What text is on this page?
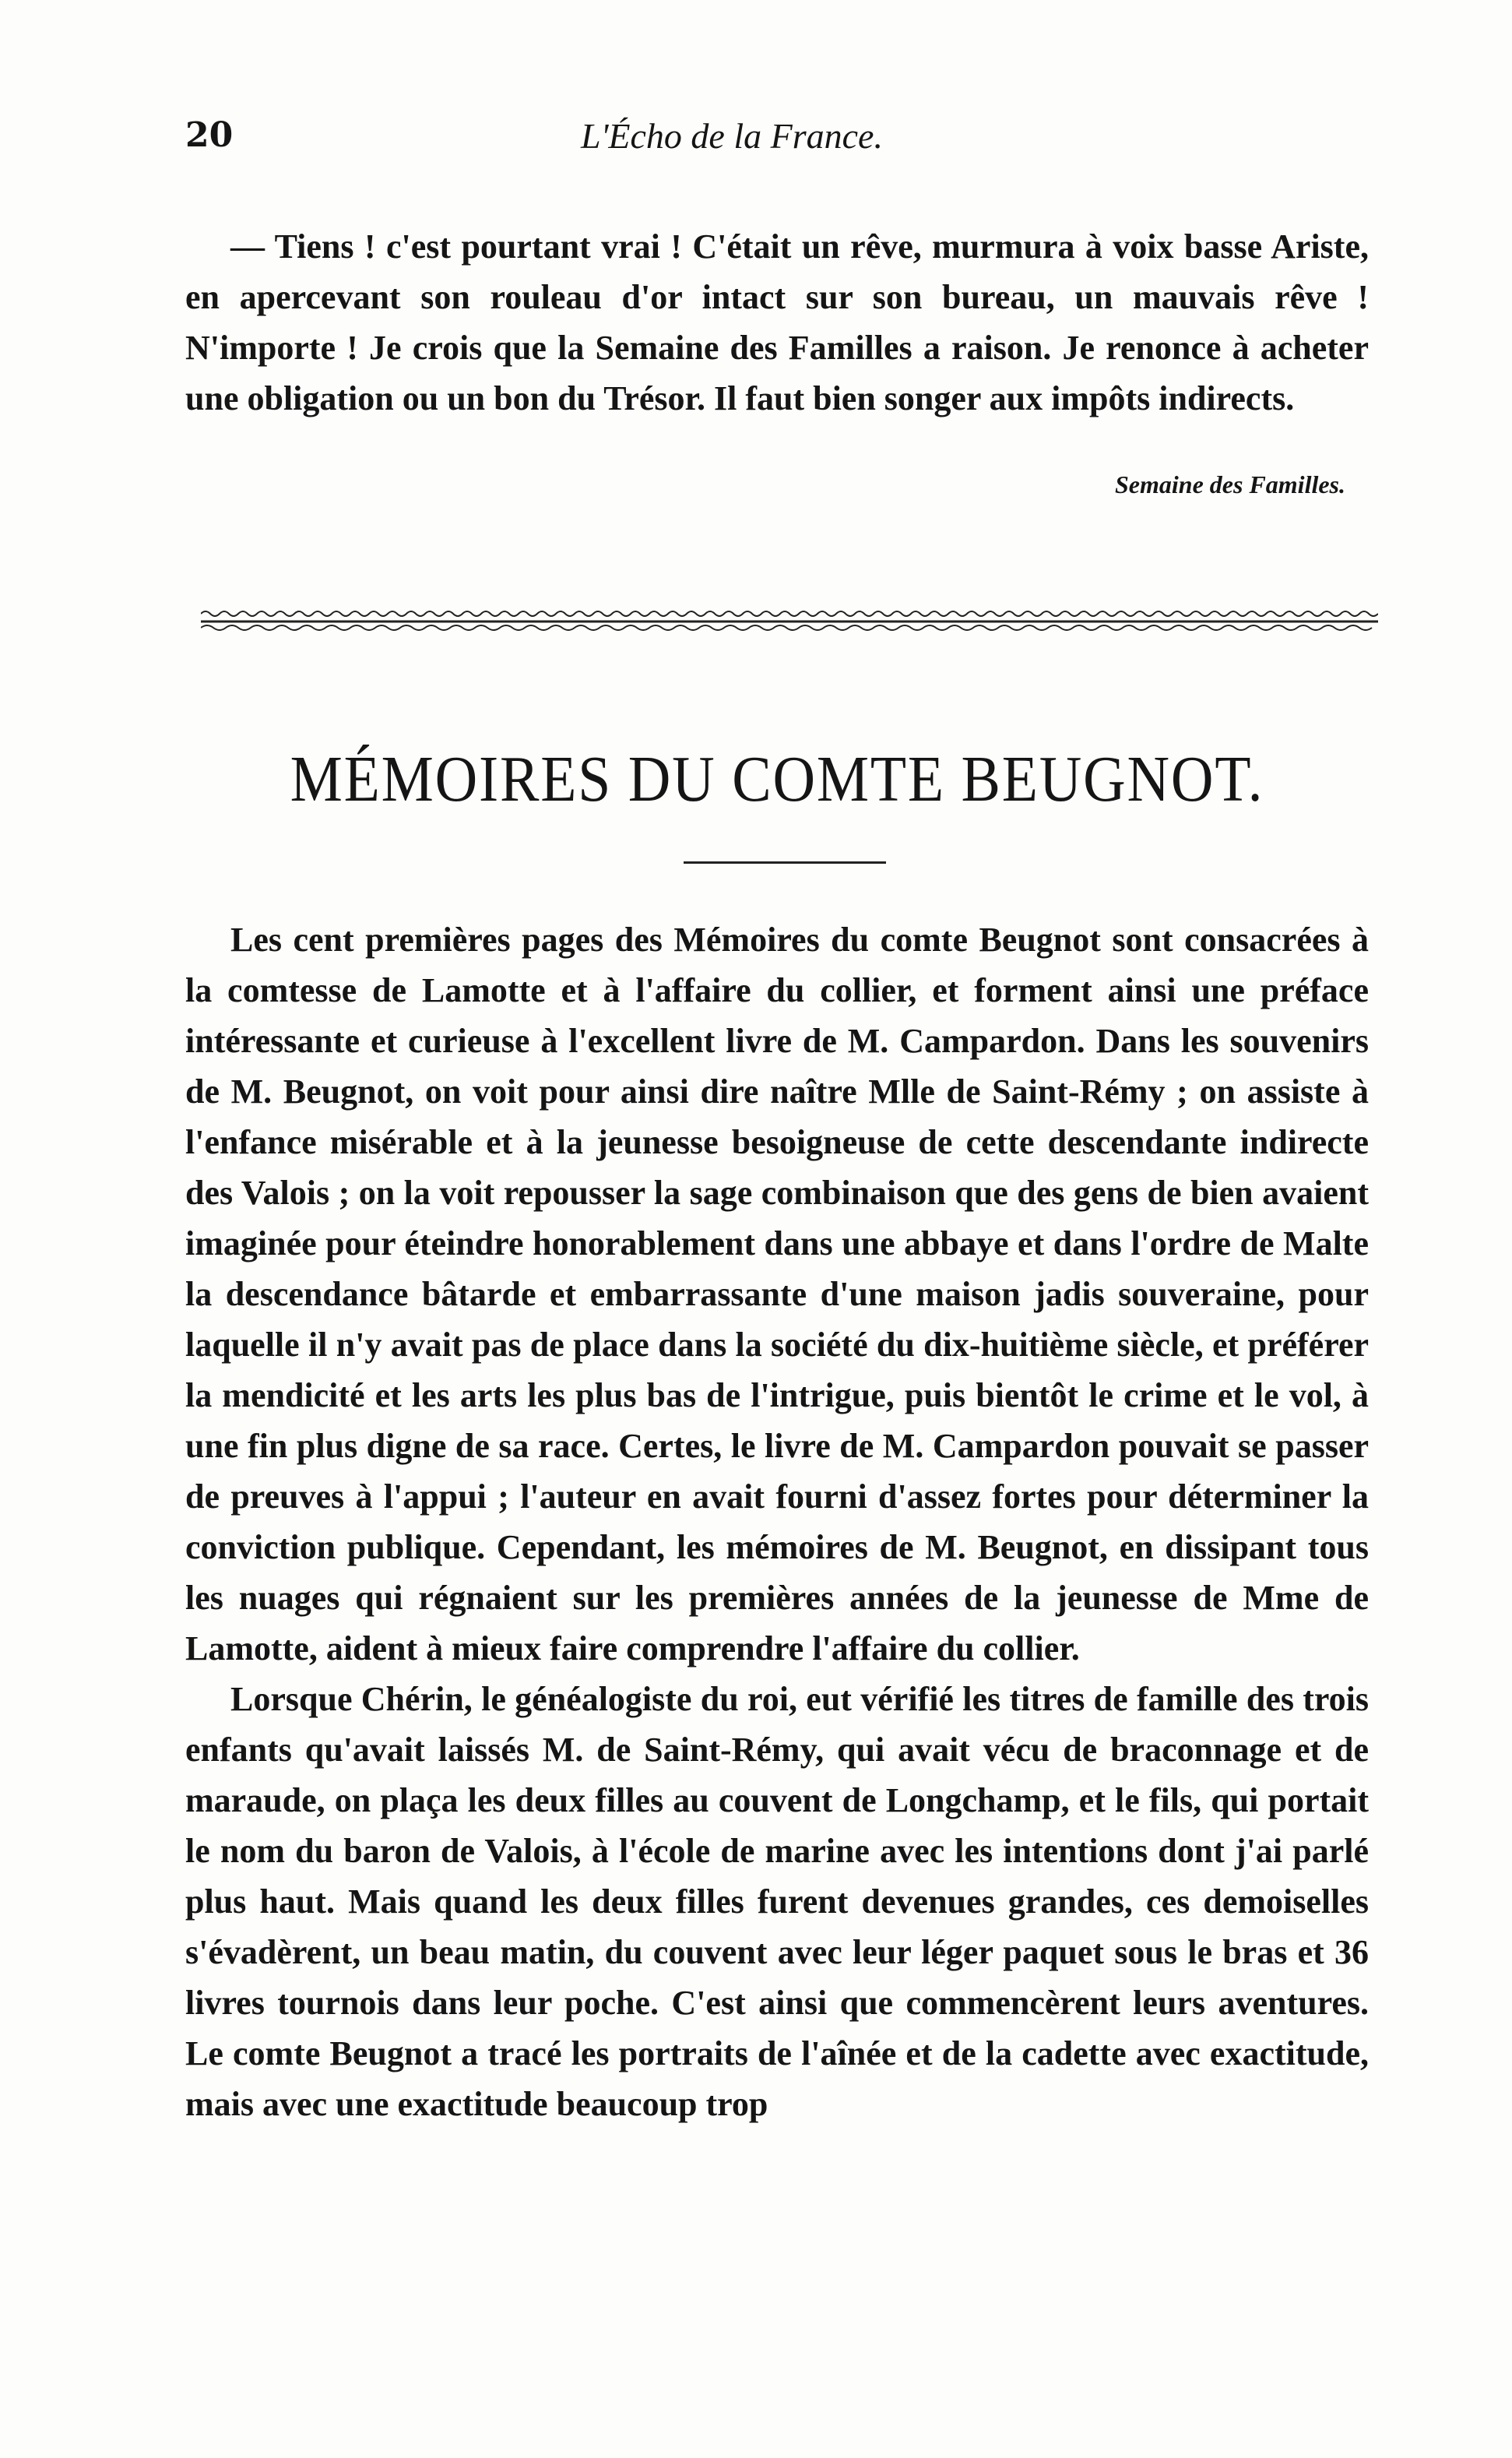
20	L'Écho de la France.

— Tiens ! c'est pourtant vrai ! C'était un rêve, murmura à voix basse Ariste, en apercevant son rouleau d'or intact sur son bureau, un mauvais rêve ! N'importe ! Je crois que la Semaine des Familles a raison. Je renonce à acheter une obligation ou un bon du Trésor. Il faut bien songer aux impôts indirects.

Semaine des Familles.
MÉMOIRES DU COMTE BEUGNOT.

Les cent premières pages des Mémoires du comte Beugnot sont consacrées à la comtesse de Lamotte et à l'affaire du collier, et forment ainsi une préface intéressante et curieuse à l'excellent livre de M. Campardon. Dans les souvenirs de M. Beugnot, on voit pour ainsi dire naître Mlle de Saint-Rémy ; on assiste à l'enfance misérable et à la jeunesse besoigneuse de cette descendante indirecte des Valois ; on la voit repousser la sage combinaison que des gens de bien avaient imaginée pour éteindre honorablement dans une abbaye et dans l'ordre de Malte la descendance bâtarde et embarrassante d'une maison jadis souveraine, pour laquelle il n'y avait pas de place dans la société du dix-huitième siècle, et préférer la mendicité et les arts les plus bas de l'intrigue, puis bientôt le crime et le vol, à une fin plus digne de sa race. Certes, le livre de M. Campardon pouvait se passer de preuves à l'appui ; l'auteur en avait fourni d'assez fortes pour déterminer la conviction publique. Cependant, les mémoires de M. Beugnot, en dissipant tous les nuages qui régnaient sur les premières années de la jeunesse de Mme de Lamotte, aident à mieux faire comprendre l'affaire du collier.

Lorsque Chérin, le généalogiste du roi, eut vérifié les titres de famille des trois enfants qu'avait laissés M. de Saint-Rémy, qui avait vécu de braconnage et de maraude, on plaça les deux filles au couvent de Longchamp, et le fils, qui portait le nom du baron de Valois, à l'école de marine avec les intentions dont j'ai parlé plus haut. Mais quand les deux filles furent devenues grandes, ces demoiselles s'évadèrent, un beau matin, du couvent avec leur léger paquet sous le bras et 36 livres tournois dans leur poche. C'est ainsi que commencèrent leurs aventures. Le comte Beugnot a tracé les portraits de l'aînée et de la cadette avec exactitude, mais avec une exactitude beaucoup trop
